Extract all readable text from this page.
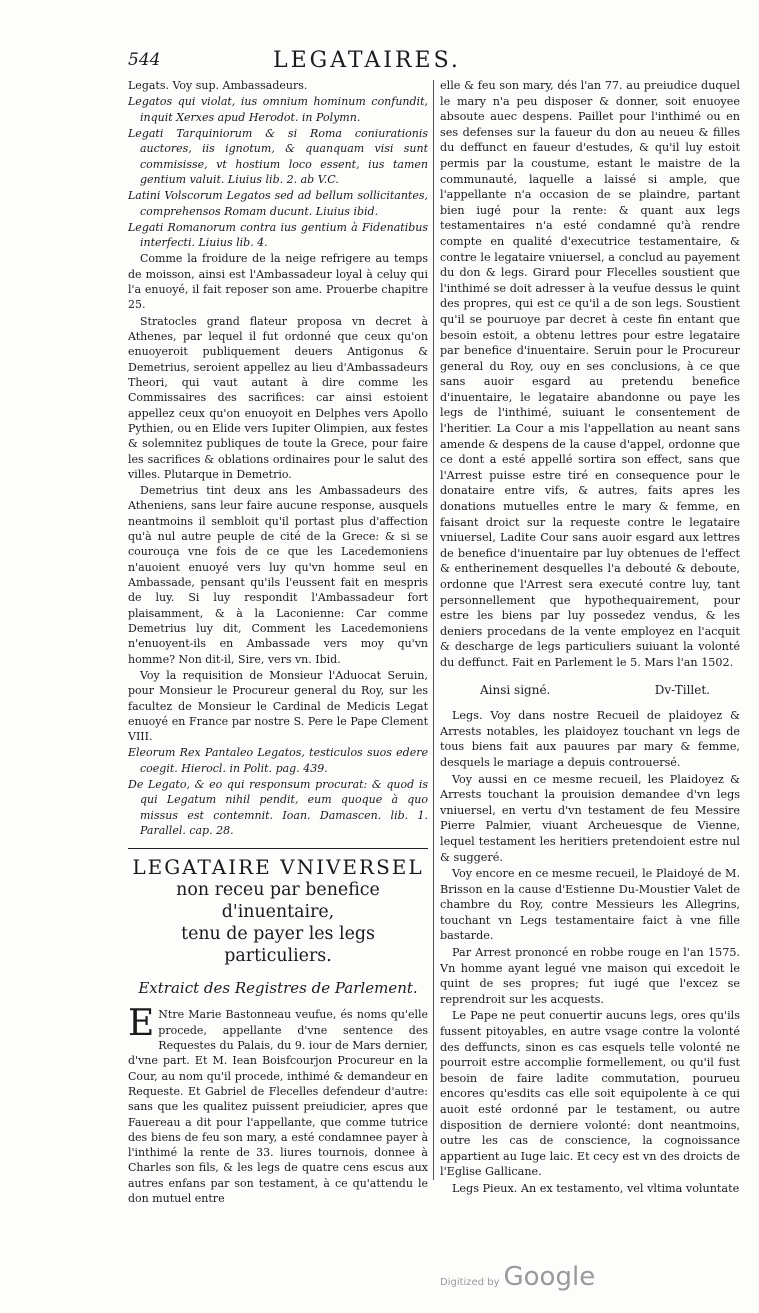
544	LEGATAIRES.

Legats. Voy sup. Ambassadeurs.

Legatos qui violat, ius omnium hominum confundit, inquit Xerxes apud Herodot. in Polymn.

Legati Tarquiniorum & si Roma coniurationis auctores, iis ignotum, & quanquam visi sunt commisisse, vt hostium loco essent, ius tamen gentium valuit. Liuius lib. 2. ab V.C.

Latini Volscorum Legatos sed ad bellum sollicitantes, comprehensos Romam ducunt. Liuius ibid.

Legati Romanorum contra ius gentium à Fidenatibus interfecti. Liuius lib. 4.

Comme la froidure de la neige refrigere au temps de moisson, ainsi est l'Ambassadeur loyal à celuy qui l'a enuoyé, il fait reposer son ame. Prouerbe chapitre 25.

Stratocles grand flateur proposa vn decret à Athenes, par lequel il fut ordonné que ceux qu'on enuoyeroit publiquement deuers Antigonus & Demetrius, seroient appellez au lieu d'Ambassadeurs Theori, qui vaut autant à dire comme les Commissaires des sacrifices: car ainsi estoient appellez ceux qu'on enuoyoit en Delphes vers Apollo Pythien, ou en Elide vers Iupiter Olimpien, aux festes & solemnitez publiques de toute la Grece, pour faire les sacrifices & oblations ordinaires pour le salut des villes. Plutarque in Demetrio.

Demetrius tint deux ans les Ambassadeurs des Atheniens, sans leur faire aucune response, ausquels neantmoins il sembloit qu'il portast plus d'affection qu'à nul autre peuple de cité de la Grece: & si se courouça vne fois de ce que les Lacedemoniens n'auoient enuoyé vers luy qu'vn homme seul en Ambassade, pensant qu'ils l'eussent fait en mespris de luy. Si luy respondit l'Ambassadeur fort plaisamment, & à la Laconienne: Car comme Demetrius luy dit, Comment les Lacedemoniens n'enuoyent-ils en Ambassade vers moy qu'vn homme? Non dit-il, Sire, vers vn. Ibid.

Voy la requisition de Monsieur l'Aduocat Seruin, pour Monsieur le Procureur general du Roy, sur les facultez de Monsieur le Cardinal de Medicis Legat enuoyé en France par nostre S. Pere le Pape Clement VIII.

Eleorum Rex Pantaleo Legatos, testiculos suos edere coegit. Hierocl. in Polit. pag. 439.

De Legato, & eo qui responsum procurat: & quod is qui Legatum nihil pendit, eum quoque à quo missus est contemnit. Ioan. Damascen. lib. 1. Parallel. cap. 28.

LEGATAIRE VNIVERSEL
non receu par benefice d'inuentaire,
tenu de payer les legs particuliers.
Extraict des Registres de Parlement.

E Ntre Marie Bastonneau veufue, és noms qu'elle procede, appellante d'vne sentence des Requestes du Palais, du 9. iour de Mars dernier, d'vne part. Et M. Iean Boisfcourjon Procureur en la Cour, au nom qu'il procede, inthimé & demandeur en Requeste. Et Gabriel de Flecelles defendeur d'autre: sans que les qualitez puissent preiudicier, apres que Fauereau a dit pour l'appellante, que comme tutrice des biens de feu son mary, a esté condamnee payer à l'inthimé la rente de 33. liures tournois, donnee à Charles son fils, & les legs de quatre cens escus aux autres enfans par son testament, à ce qu'attendu le don mutuel entre

elle & feu son mary, dés l'an 77. au preiudice duquel le mary n'a peu disposer & donner, soit enuoyee absoute auec despens. Paillet pour l'inthimé ou en ses defenses sur la faueur du don au neueu & filles du deffunct en faueur d'estudes, & qu'il luy estoit permis par la coustume, estant le maistre de la communauté, laquelle a laissé si ample, que l'appellante n'a occasion de se plaindre, partant bien iugé pour la rente: & quant aux legs testamentaires n'a esté condamné qu'à rendre compte en qualité d'executrice testamentaire, & contre le legataire vniuersel, a conclud au payement du don & legs. Girard pour Flecelles soustient que l'inthimé se doit adresser à la veufue dessus le quint des propres, qui est ce qu'il a de son legs. Soustient qu'il se pouruoye par decret à ceste fin entant que besoin estoit, a obtenu lettres pour estre legataire par benefice d'inuentaire. Seruin pour le Procureur general du Roy, ouy en ses conclusions, à ce que sans auoir esgard au pretendu benefice d'inuentaire, le legataire abandonne ou paye les legs de l'inthimé, suiuant le consentement de l'heritier. La Cour a mis l'appellation au neant sans amende & despens de la cause d'appel, ordonne que ce dont a esté appellé sortira son effect, sans que l'Arrest puisse estre tiré en consequence pour le donataire entre vifs, & autres, faits apres les donations mutuelles entre le mary & femme, en faisant droict sur la requeste contre le legataire vniuersel, Ladite Cour sans auoir esgard aux lettres de benefice d'inuentaire par luy obtenues de l'effect & entherinement desquelles l'a debouté & deboute, ordonne que l'Arrest sera executé contre luy, tant personnellement que hypothequairement, pour estre les biens par luy possedez vendus, & les deniers procedans de la vente employez en l'acquit & descharge de legs particuliers suiuant la volonté du deffunct. Fait en Parlement le 5. Mars l'an 1502.

Ainsi signé.	Dv-Tillet.

Legs. Voy dans nostre Recueil de plaidoyez & Arrests notables, les plaidoyez touchant vn legs de tous biens fait aux pauures par mary & femme, desquels le mariage a depuis controuersé.

Voy aussi en ce mesme recueil, les Plaidoyez & Arrests touchant la prouision demandee d'vn legs vniuersel, en vertu d'vn testament de feu Messire Pierre Palmier, viuant Archeuesque de Vienne, lequel testament les heritiers pretendoient estre nul & suggeré.

Voy encore en ce mesme recueil, le Plaidoyé de M. Brisson en la cause d'Estienne Du-Moustier Valet de chambre du Roy, contre Messieurs les Allegrins, touchant vn Legs testamentaire faict à vne fille bastarde.

Par Arrest prononcé en robbe rouge en l'an 1575. Vn homme ayant legué vne maison qui excedoit le quint de ses propres; fut iugé que l'excez se reprendroit sur les acquests.

Le Pape ne peut conuertir aucuns legs, ores qu'ils fussent pitoyables, en autre vsage contre la volonté des deffuncts, sinon es cas esquels telle volonté ne pourroit estre accomplie formellement, ou qu'il fust besoin de faire ladite commutation, pourueu encores qu'esdits cas elle soit equipolente à ce qui auoit esté ordonné par le testament, ou autre disposition de derniere volonté: dont neantmoins, outre les cas de conscience, la cognoissance appartient au Iuge laic. Et cecy est vn des droicts de l'Eglise Gallicane.

Legs Pieux. An ex testamento, vel vltima voluntate

Digitized by Google
